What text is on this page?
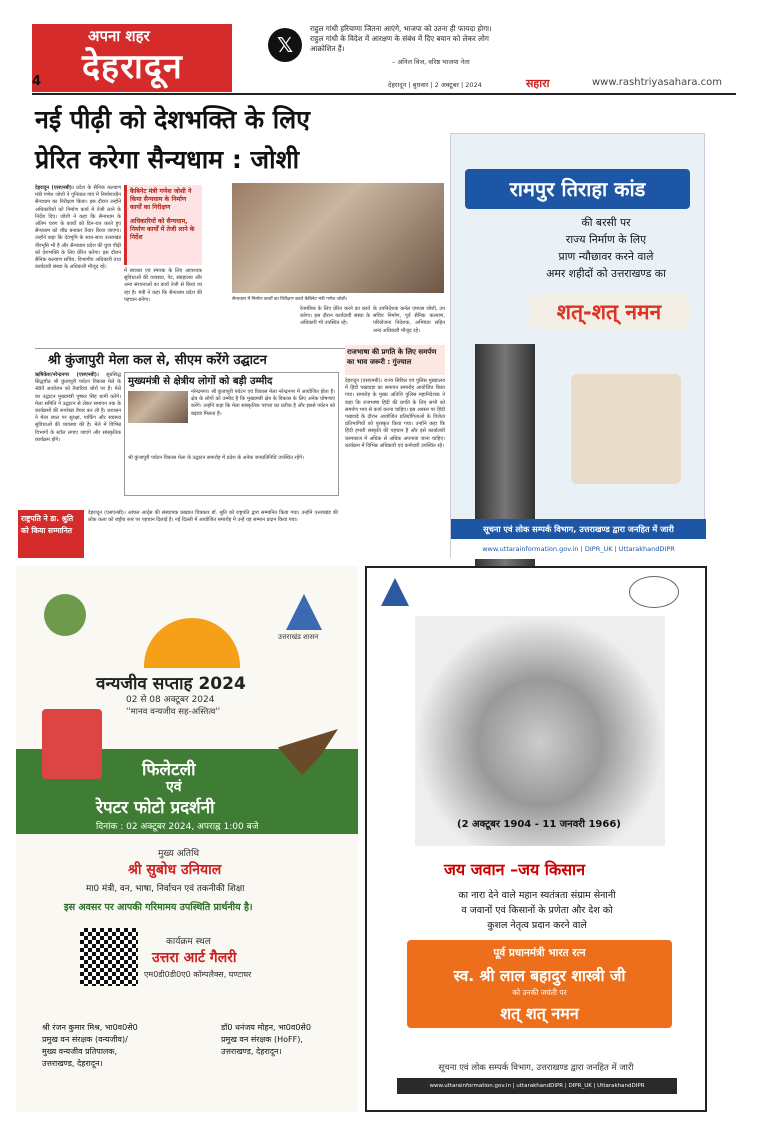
अपना शहर
देहरादून
4
𝕏
राहुल गांधी हरियाणा जितना आएंगे, भाजपा को उतना ही फायदा होगा। राहुल गांधी के विदेश में आरक्षण के संबंध में दिए बयान को लेकर लोग आक्रोशित हैं।
– अनिल विज, वरिष्ठ भाजपा नेता
देहरादून | बुधवार | 2 अक्टूबर | 2024	सहारा	www.rashtriyasahara.com
नई पीढ़ी को देशभक्ति के लिए
प्रेरित करेगा सैन्यधाम : जोशी
देहरादून (एसएनबी)। प्रदेश के सैनिक कल्याण मंत्री गणेश जोशी ने गुनियाल गांव में निर्माणाधीन सैन्यधाम का निरीक्षण किया। इस दौरान उन्होंने अधिकारियों को निर्माण कार्य में तेजी लाने के निर्देश दिए। जोशी ने कहा कि सैन्यधाम के अंतिम चरण के कार्यों को दिन-रात करते हुए सैन्यधाम को शीघ्र बनाकर तैयार किया जाएगा। उन्होंने कहा कि देवभूमि के साथ-साथ उत्तराखंड वीरभूमि भी है और सैन्यधाम प्रदेश की युवा पीढ़ी को देशभक्ति के लिए प्रेरित करेगा। इस दौरान सैनिक कल्याण सचिव, विभागीय अधिकारी तथा कार्यदायी संस्था के अधिकारी मौजूद रहे।
कैबिनेट मंत्री गणेश जोशी ने किया सैन्यधाम के निर्माण कार्यों का निरीक्षण
अधिकारियों को सैन्यधाम, निर्माण कार्यों में तेजी लाने के निर्देश
में स्वाधार एवं स्मारक के लिए आवश्यक सुविधाओं की व्यवस्था, गेट, संग्रहालय और अन्य संरचनाओं का कार्य तेजी से किया जा रहा है। मंत्री ने कहा कि सैन्यधाम प्रदेश की पहचान बनेगा।	सैन्यधाम में निर्माण कार्यों का निरीक्षण करते कैबिनेट मंत्री गणेश जोशी।
रेतमंत्रिक के लिए प्रेरित करने का कार्य करेगा। इस दौरान कार्यदायी संस्था के अधिकारी भी उपस्थित रहे।
के उपनिदेशक कर्नल एमएस जोशी, उप सचिव निर्माण, पूर्व सैनिक कल्याण, परियोजना निदेशक, अभियंता सहित अन्य अधिकारी मौजूद रहे।
श्री कुंजापुरी मेला कल से, सीएम करेंगे उद्घाटन
ऋषिकेश/नरेन्द्रनगर (एसएनबी)। सुप्रसिद्ध सिद्धपीठ श्री कुंजापुरी पर्यटन विकास मेले के 48वें आयोजन को तैयारियां जोरों पर हैं। मेले का उद्घाटन मुख्यमंत्री पुष्कर सिंह धामी करेंगे। मेला समिति ने उद्घाटन से लेकर समापन तक के कार्यक्रमों की रूपरेखा तैयार कर ली है। प्रशासन ने मेला स्थल पर सुरक्षा, पार्किंग और स्वास्थ्य सुविधाओं की व्यवस्था की है। मेले में विभिन्न विभागों के स्टॉल लगाए जाएंगे और सांस्कृतिक कार्यक्रम होंगे।
मुख्यमंत्री से क्षेत्रीय लोगों को बड़ी उम्मीद
नरेन्द्रनगर। श्री कुंजापुरी पर्यटन एवं विकास मेला नरेन्द्रनगर में आयोजित होता है। क्षेत्र के लोगों को उम्मीद है कि मुख्यमंत्री क्षेत्र के विकास के लिए अनेक घोषणाएं करेंगे। उन्होंने कहा कि मेला सांस्कृतिक परंपरा का प्रतीक है और इससे पर्यटन को बढ़ावा मिलता है।
श्री कुंजापुरी पर्यटन विकास मेला के उद्घाटन समारोह में प्रदेश के अनेक जनप्रतिनिधि उपस्थित रहेंगे।
राजभाषा की प्रगति के लिए समर्पण का भाव जरूरी : गुंज्याल
देहरादून (एसएनबी)। राज्य सिविल एवं पुलिस मुख्यालय में हिंदी पखवाड़ा का समापन समारोह आयोजित किया गया। समारोह के मुख्य अतिथि पुलिस महानिदेशक ने कहा कि राजभाषा हिंदी की प्रगति के लिए सभी को समर्पण भाव से कार्य करना चाहिए। इस अवसर पर हिंदी पखवाड़े के दौरान आयोजित प्रतियोगिताओं के विजेता प्रतिभागियों को पुरस्कृत किया गया। उन्होंने कहा कि हिंदी हमारी संस्कृति की पहचान है और इसे कार्यालयी कामकाज में अधिक से अधिक अपनाया जाना चाहिए। कार्यक्रम में विभिन्न अधिकारी एवं कर्मचारी उपस्थित रहे।
राष्ट्रपति ने डा. श्रुति को किया सम्मानित
देहरादून (एसएनबी)। आंचल आर्ट्स की संस्थापक प्रख्यात चित्रकार डॉ. श्रुति को राष्ट्रपति द्वारा सम्मानित किया गया। उन्होंने उत्तराखंड की लोक कला को राष्ट्रीय स्तर पर पहचान दिलाई है। नई दिल्ली में आयोजित समारोह में उन्हें यह सम्मान प्रदान किया गया।
रामपुर तिराहा कांड
की बरसी पर
राज्य निर्माण के लिए
प्राण न्यौछावर करने वाले
अमर शहीदों को उत्तराखण्ड का
शत्-शत् नमन
सूचना एवं लोक सम्पर्क विभाग, उत्तराखण्ड द्वारा जनहित में जारी
www.uttarainformation.gov.in | DIPR_UK | UttarakhandDIPR
उत्तराखंड शासन
वन्यजीव सप्ताह 2024
02 से 08 अक्टूबर 2024
''मानव वन्यजीव सह-अस्तित्व''
फिलेटली
एवं
रेपटर फोटो प्रदर्शनी
दिनांक : 02 अक्टूबर 2024, अपराह्न 1:00 बजे
मुख्य अतिथि
श्री सुबोध उनियाल
मा0 मंत्री, वन, भाषा, निर्वाचन एवं तकनीकी शिक्षा
इस अवसर पर आपकी गरिमामय उपस्थिति प्रार्थनीय है।
कार्यक्रम स्थल
उत्तरा आर्ट गैलरी
एम0डी0डी0ए0 कॉम्पलैक्स, घण्टाघर
श्री रंजन कुमार मिश्र, भा0व0से0
प्रमुख वन संरक्षक (वन्यजीव)/
मुख्य वन्यजीव प्रतिपालक,
उत्तराखण्ड, देहरादून।
डॉ0 धनंजय मोहन, भा0व0से0
प्रमुख वन संरक्षक (HoFF),
उत्तराखण्ड, देहरादून।
(2 अक्टूबर 1904 - 11 जनवरी 1966)
जय जवान –जय किसान
का नारा देने वाले महान स्वतंत्रता संग्राम सेनानी
व जवानों एवं किसानों के प्रणेता और देश को
कुशल नेतृत्व प्रदान करने वाले
पूर्व प्रधानमंत्री भारत रत्न
स्व. श्री लाल बहादुर शास्त्री जी
को उनकी जयंती पर
शत् शत् नमन
सूचना एवं लोक सम्पर्क विभाग, उत्तराखण्ड द्वारा जनहित में जारी
www.uttarainformation.gov.in | uttarakhandDIPR | DIPR_UK | UttarakhandDIPR
